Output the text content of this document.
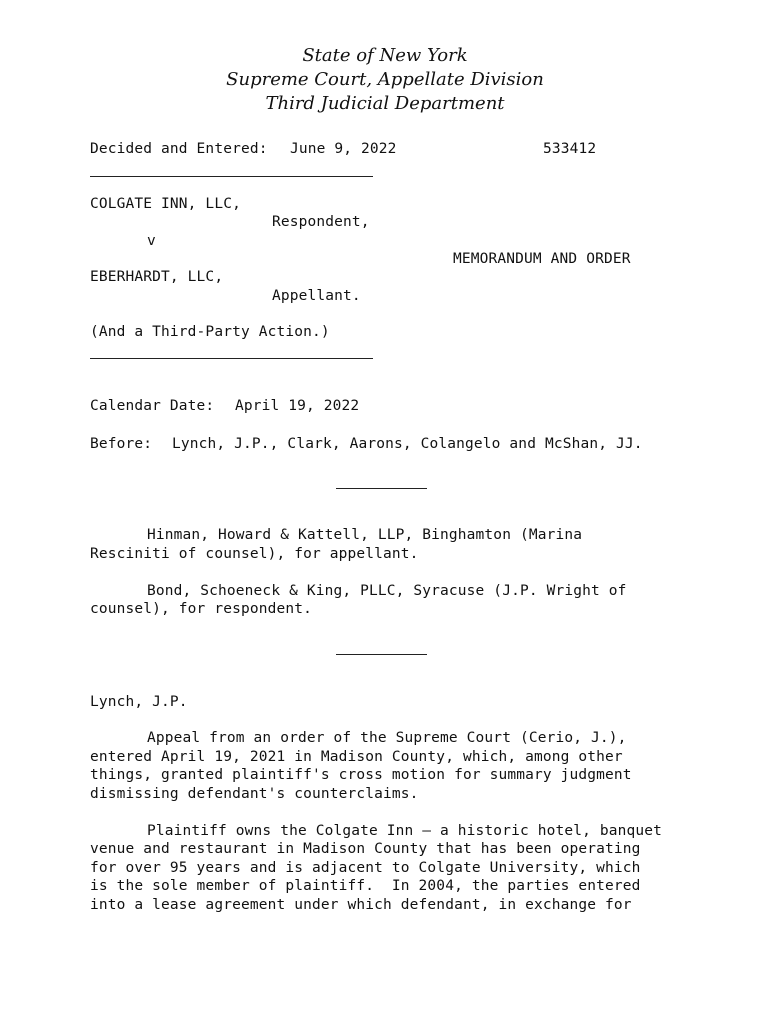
State of New York
Supreme Court, Appellate Division
Third Judicial Department
Decided and Entered: June 9, 2022	533412
COLGATE INN, LLC,
Respondent,
v
MEMORANDUM AND ORDER
EBERHARDT, LLC,
Appellant.
(And a Third-Party Action.)
Calendar Date: April 19, 2022
Before: Lynch, J.P., Clark, Aarons, Colangelo and McShan, JJ.
Hinman, Howard & Kattell, LLP, Binghamton (Marina
Resciniti of counsel), for appellant.
Bond, Schoeneck & King, PLLC, Syracuse (J.P. Wright of
counsel), for respondent.
Lynch, J.P.
Appeal from an order of the Supreme Court (Cerio, J.),
entered April 19, 2021 in Madison County, which, among other
things, granted plaintiff's cross motion for summary judgment
dismissing defendant's counterclaims.
Plaintiff owns the Colgate Inn – a historic hotel, banquet
venue and restaurant in Madison County that has been operating
for over 95 years and is adjacent to Colgate University, which
is the sole member of plaintiff.  In 2004, the parties entered
into a lease agreement under which defendant, in exchange for
